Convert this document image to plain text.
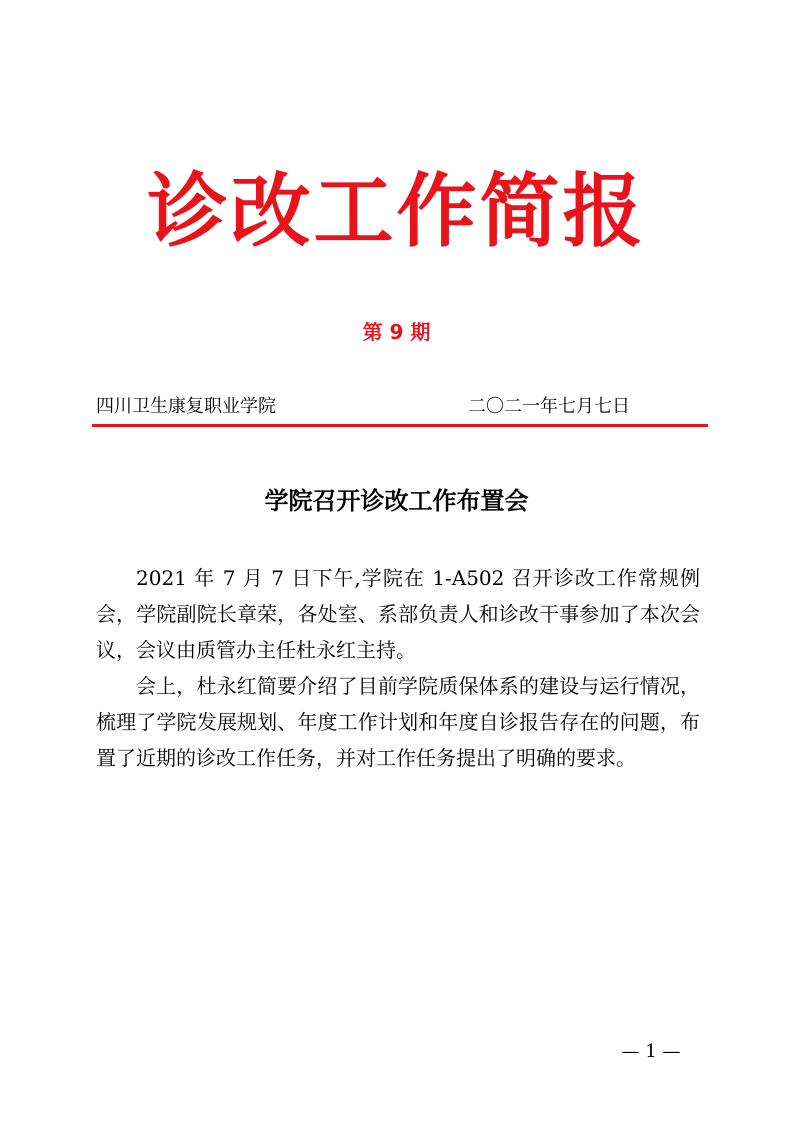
诊改工作简报
第 9 期
四川卫生康复职业学院	二〇二一年七月七日
学院召开诊改工作布置会

2021 年 7 月 7 日下午,学院在 1-A502 召开诊改工作常规例会，学院副院长章荣，各处室、系部负责人和诊改干事参加了本次会议，会议由质管办主任杜永红主持。

会上，杜永红简要介绍了目前学院质保体系的建设与运行情况，梳理了学院发展规划、年度工作计划和年度自诊报告存在的问题，布置了近期的诊改工作任务，并对工作任务提出了明确的要求。

— 1 —
